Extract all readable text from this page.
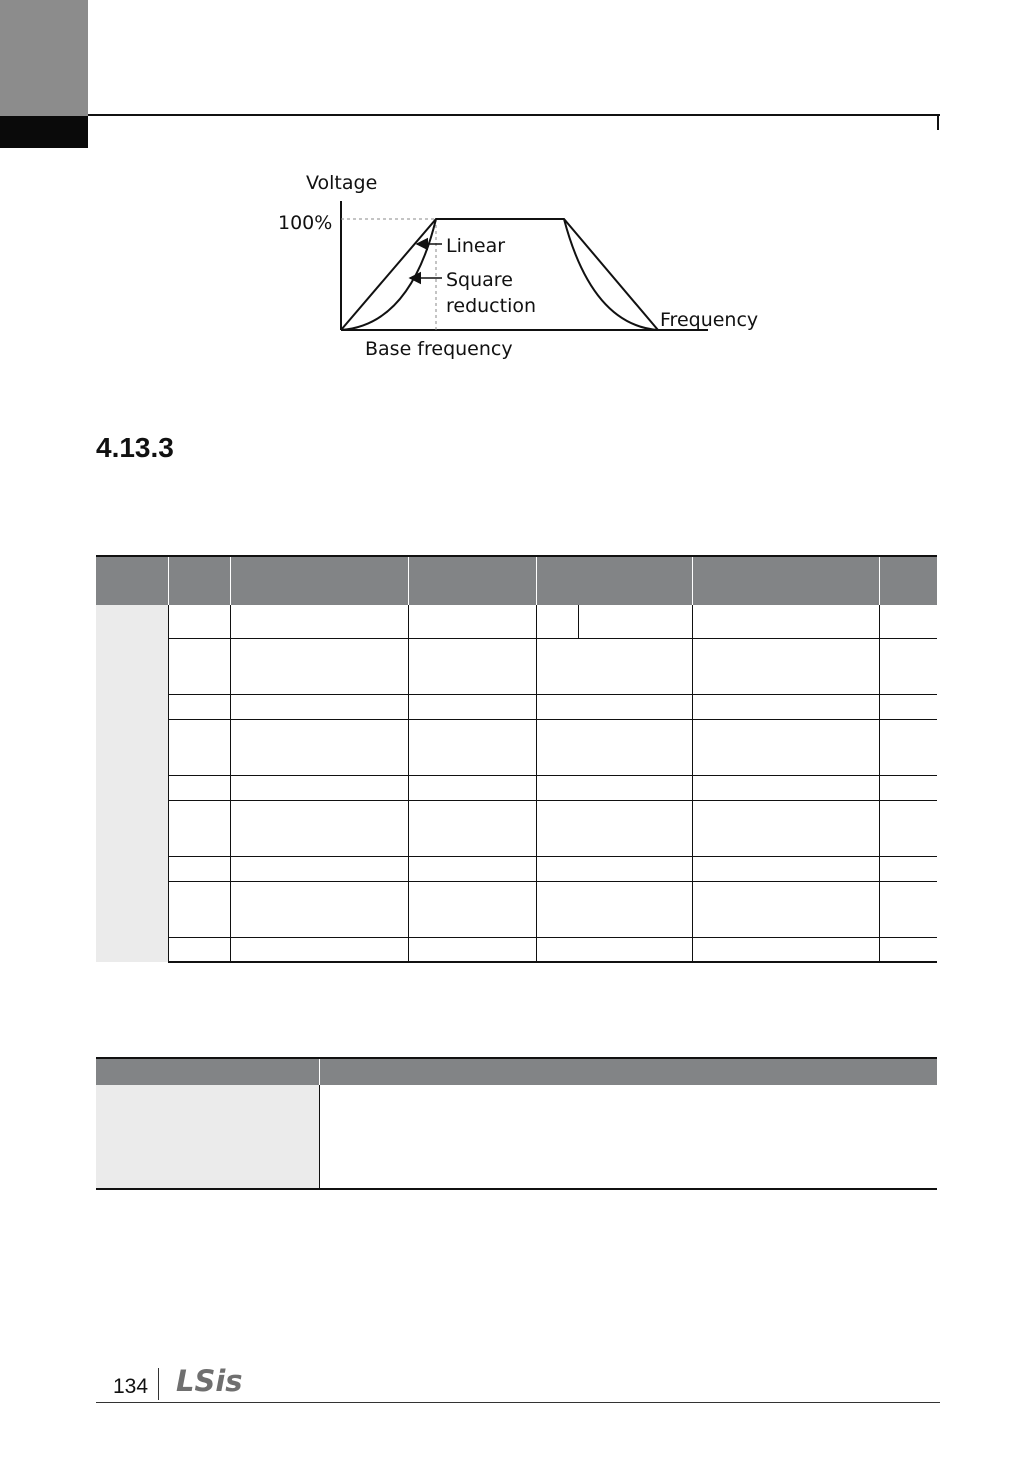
Voltage
100%
Linear
Square
reduction
Frequency
Base frequency
4.13.3

134 LSis
